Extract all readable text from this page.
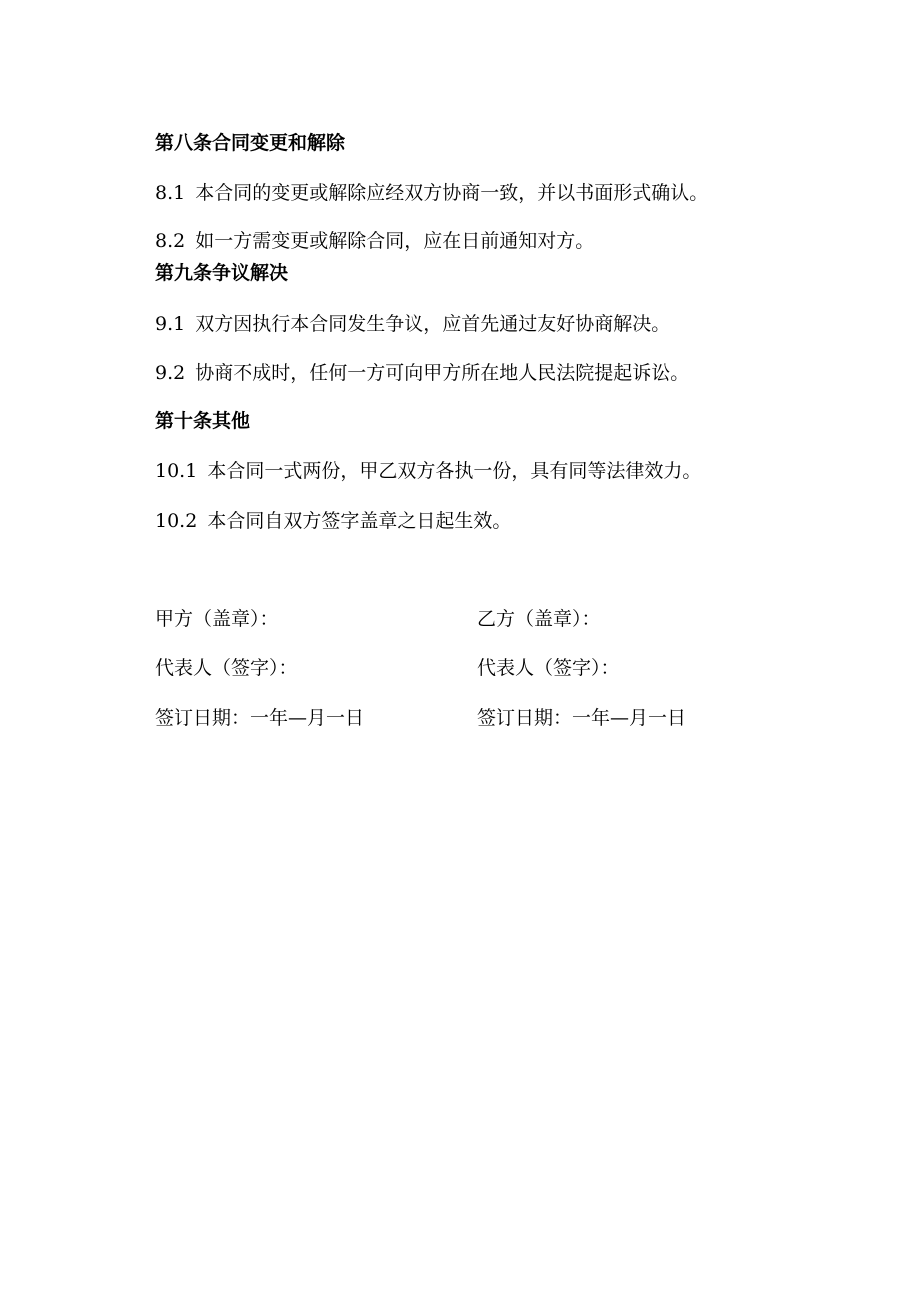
第八条合同变更和解除
8.1 本合同的变更或解除应经双方协商一致，并以书面形式确认。
8.2 如一方需变更或解除合同，应在日前通知对方。
第九条争议解决
9.1 双方因执行本合同发生争议，应首先通过友好协商解决。
9.2 协商不成时，任何一方可向甲方所在地人民法院提起诉讼。
第十条其他
10.1 本合同一式两份，甲乙双方各执一份，具有同等法律效力。
10.2 本合同自双方签字盖章之日起生效。
甲方（盖章）：	乙方（盖章）：
代表人（签字）：	代表人（签字）：
签订日期：一年—月一日	签订日期：一年—月一日
